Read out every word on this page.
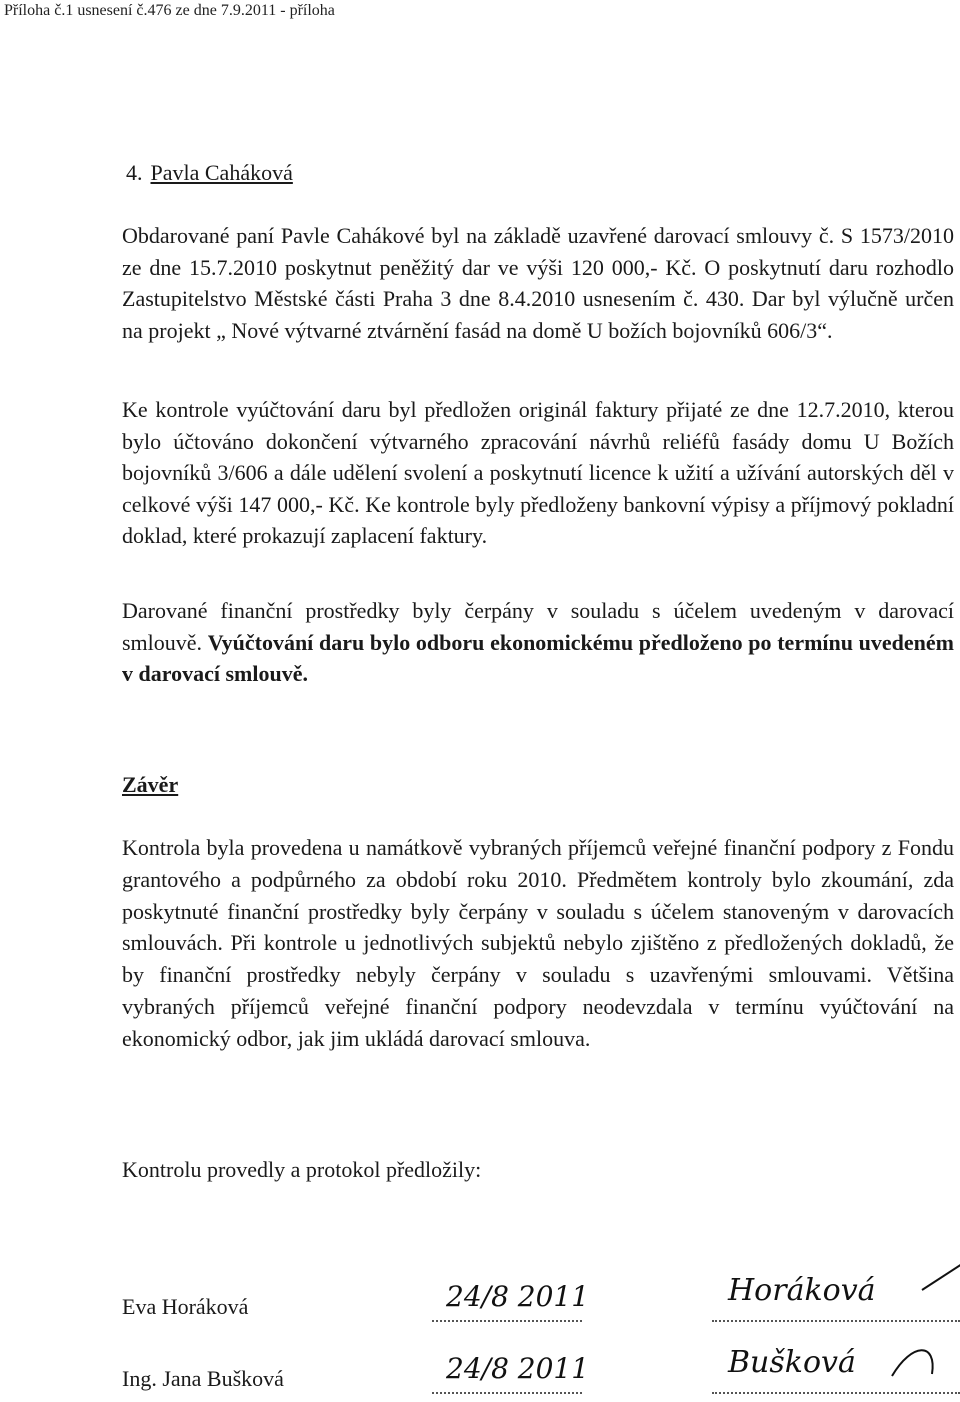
Příloha č.1 usnesení č.476 ze dne 7.9.2011 - příloha
4. Pavla Caháková

Obdarované paní Pavle Cahákové byl na základě uzavřené darovací smlouvy č. S 1573/2010 ze dne 15.7.2010 poskytnut peněžitý dar ve výši 120 000,- Kč. O poskytnutí daru rozhodlo Zastupitelstvo Městské části Praha 3 dne 8.4.2010 usnesením č. 430. Dar byl výlučně určen na projekt „ Nové výtvarné ztvárnění fasád na domě U božích bojovníků 606/3“.

Ke kontrole vyúčtování daru byl předložen originál faktury přijaté ze dne 12.7.2010, kterou bylo účtováno dokončení výtvarného zpracování návrhů reliéfů fasády domu U Božích bojovníků 3/606 a dále udělení svolení a poskytnutí licence k užití a užívání autorských děl v celkové výši 147 000,- Kč. Ke kontrole byly předloženy bankovní výpisy a příjmový pokladní doklad, které prokazují zaplacení faktury.

Darované finanční prostředky byly čerpány v souladu s účelem uvedeným v darovací smlouvě. Vyúčtování daru bylo odboru ekonomickému předloženo po termínu uvedeném v darovací smlouvě.

Závěr

Kontrola byla provedena u namátkově vybraných příjemců veřejné finanční podpory z Fondu grantového a podpůrného za období roku 2010. Předmětem kontroly bylo zkoumání, zda poskytnuté finanční prostředky byly čerpány v souladu s účelem stanoveným v darovacích smlouvách. Při kontrole u jednotlivých subjektů nebylo zjištěno z předložených dokladů, že by finanční prostředky nebyly čerpány v souladu s uzavřenými smlouvami. Většina vybraných příjemců veřejné finanční podpory neodevzdala v termínu vyúčtování na ekonomický odbor, jak jim ukládá darovací smlouva.

Kontrolu provedly a protokol předložily:

Eva Horáková	24/8 2011	Horáková
Ing. Jana Bušková	24/8 2011	Bušková
